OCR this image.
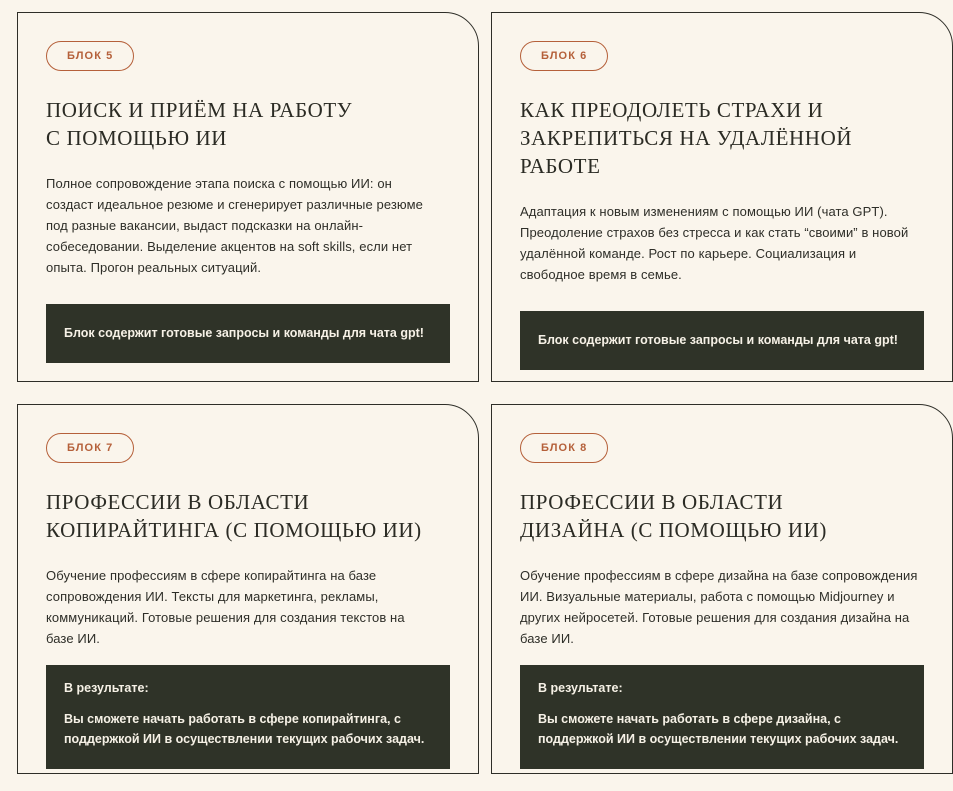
БЛОК 5
ПОИСК И ПРИЁМ НА РАБОТУ
С ПОМОЩЬЮ ИИ

Полное сопровождение этапа поиска с помощью ИИ: он создаст идеальное резюме и сгенерирует различные резюме под разные вакансии, выдаст подсказки на онлайн-собеседовании. Выделение акцентов на soft skills, если нет опыта. Прогон реальных ситуаций.

Блок содержит готовые запросы и команды для чата gpt!
БЛОК 6
КАК ПРЕОДОЛЕТЬ СТРАХИ И
ЗАКРЕПИТЬСЯ НА УДАЛЁННОЙ РАБОТЕ

Адаптация к новым изменениям с помощью ИИ (чата GPT). Преодоление страхов без стресса и как стать “своими” в новой удалённой команде. Рост по карьере. Социализация и свободное время в семье.

Блок содержит готовые запросы и команды для чата gpt!
БЛОК 7
ПРОФЕССИИ В ОБЛАСТИ
КОПИРАЙТИНГА (С ПОМОЩЬЮ ИИ)

Обучение профессиям в сфере копирайтинга на базе сопровождения ИИ. Тексты для маркетинга, рекламы, коммуникаций. Готовые решения для создания текстов на базе ИИ.

В результате:
Вы сможете начать работать в сфере копирайтинга, с поддержкой ИИ в осуществлении текущих рабочих задач.
БЛОК 8
ПРОФЕССИИ В ОБЛАСТИ
ДИЗАЙНА (С ПОМОЩЬЮ ИИ)

Обучение профессиям в сфере дизайна на базе сопровождения ИИ. Визуальные материалы, работа с помощью Midjourney и других нейросетей. Готовые решения для создания дизайна на базе ИИ.

В результате:
Вы сможете начать работать в сфере дизайна, с поддержкой ИИ в осуществлении текущих рабочих задач.
